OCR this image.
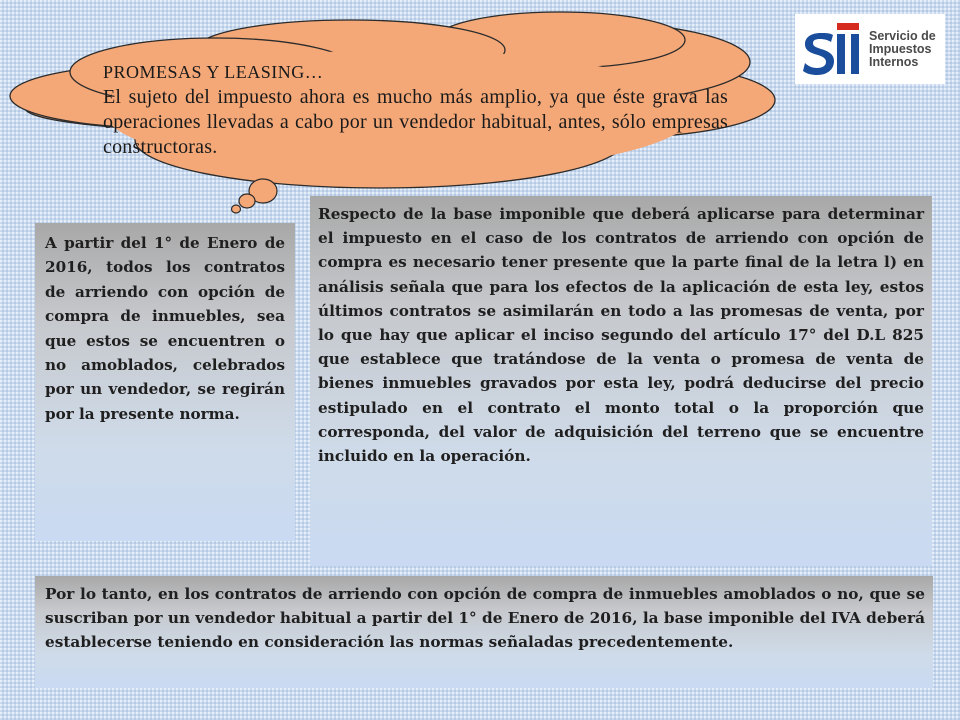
PROMESAS Y LEASING…
El sujeto del impuesto ahora es mucho más amplio, ya que éste grava las operaciones llevadas a cabo por un vendedor habitual, antes, sólo empresas constructoras.
Servicio de
Impuestos
Internos

A partir del 1° de Enero de 2016, todos los contratos de arriendo con opción de compra de inmuebles, sea que estos se encuentren o no amoblados, celebrados por un vendedor, se regirán por la presente norma.

Respecto de la base imponible que deberá aplicarse para determinar el impuesto en el caso de los contratos de arriendo con opción de compra es necesario tener presente que la parte final de la letra l) en análisis señala que para los efectos de la aplicación de esta ley, estos últimos contratos se asimilarán en todo a las promesas de venta, por lo que hay que aplicar el inciso segundo del artículo 17° del D.L 825 que establece que tratándose de la venta o promesa de venta de bienes inmuebles gravados por esta ley, podrá deducirse del precio estipulado en el contrato el monto total o la proporción que corresponda, del valor de adquisición del terreno que se encuentre incluido en la operación.

Por lo tanto, en los contratos de arriendo con opción de compra de inmuebles amoblados o no, que se suscriban por un vendedor habitual a partir del 1° de Enero de 2016, la base imponible del IVA deberá establecerse teniendo en consideración las normas señaladas precedentemente.
